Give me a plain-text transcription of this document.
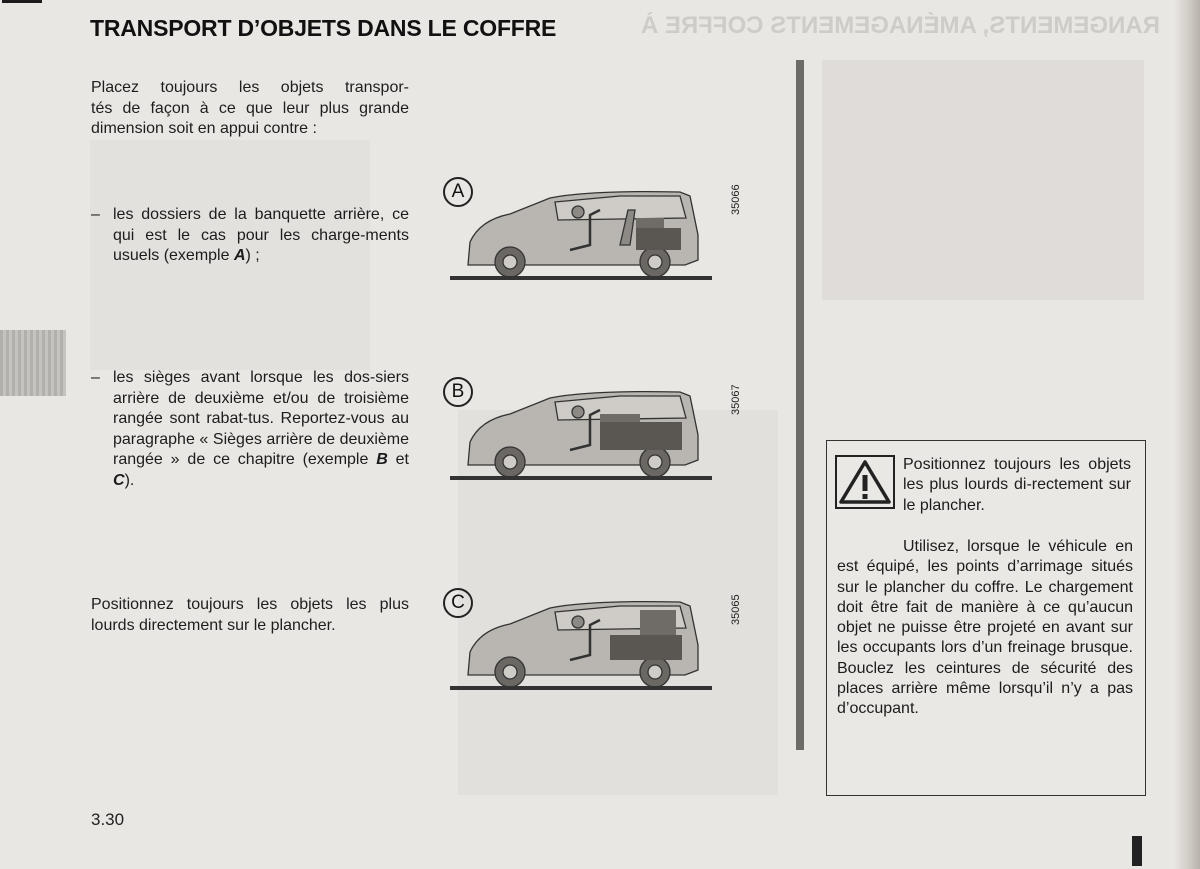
RANGEMENTS, AMÉNAGEMENTS COFFRE À
TRANSPORT D’OBJETS DANS LE COFFRE
Placez toujours les objets transpor-
tés de façon à ce que leur plus grande
dimension soit en appui contre :
– les dossiers de la banquette arrière, ce qui est le cas pour les charge-ments usuels (exemple A) ;
– les sièges avant lorsque les dos-siers arrière de deuxième et/ou de troisième rangée sont rabat-tus. Reportez-vous au paragraphe « Sièges arrière de deuxième rangée » de ce chapitre (exemple B et C).
Positionnez toujours les objets les plus lourds directement sur le plancher.
A	35066
B	35067
C	35065
Positionnez toujours les objets les plus lourds di-rectement sur le plancher.
Utilisez, lorsque le véhicule en est équipé, les points d’arrimage situés sur le plancher du coffre. Le chargement doit être fait de manière à ce qu’aucun objet ne puisse être projeté en avant sur les occupants lors d’un freinage brusque. Bouclez les ceintures de sécurité des places arrière même lorsqu’il n’y a pas d’occupant.
3.30
